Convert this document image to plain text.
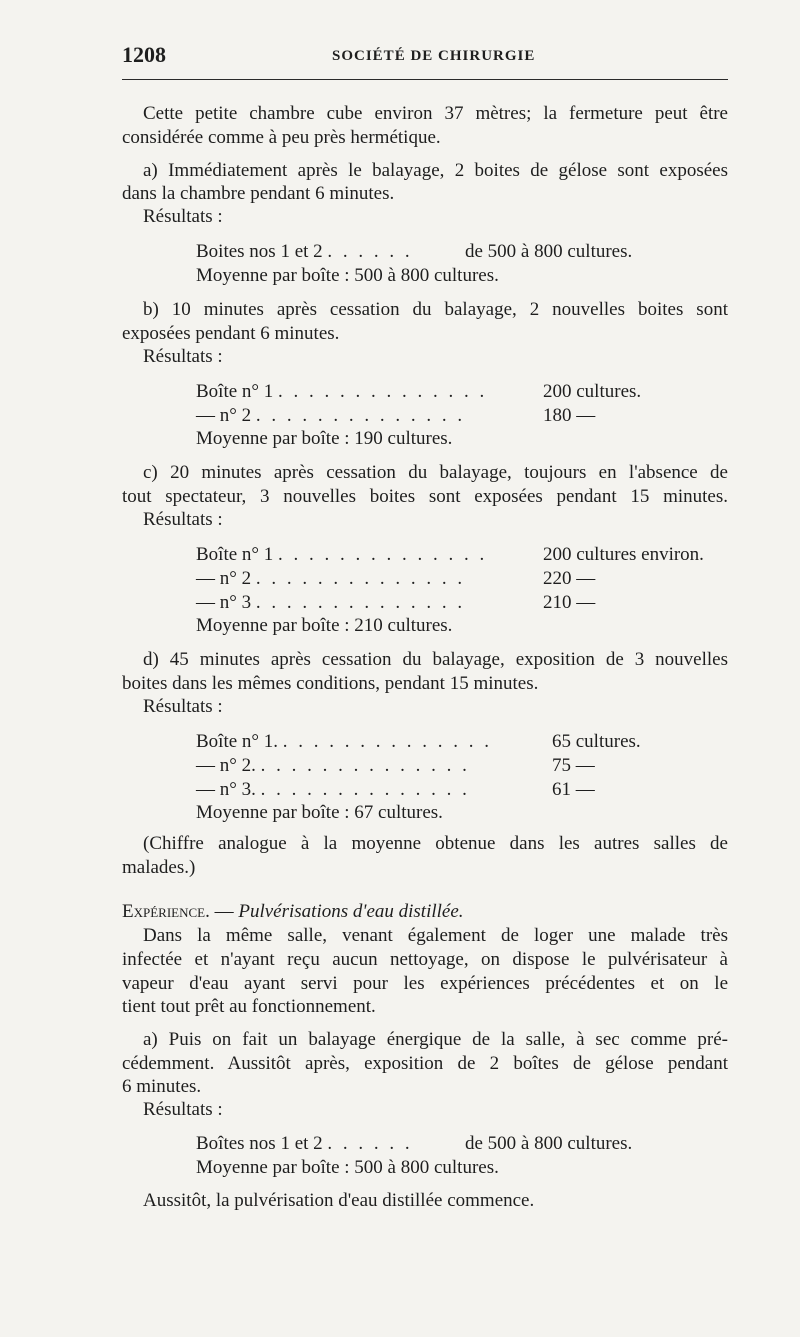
1208	SOCIÉTÉ DE CHIRURGIE
Cette petite chambre cube environ 37 mètres; la fermeture peut être
considérée comme à peu près hermétique.
a) Immédiatement après le balayage, 2 boites de gélose sont exposées
dans la chambre pendant 6 minutes.
Résultats :
Boites nos 1 et 2 . . . . . .	de 500 à 800 cultures.
Moyenne par boîte : 500 à 800 cultures.
b) 10 minutes après cessation du balayage, 2 nouvelles boites sont
exposées pendant 6 minutes.
Résultats :
Boîte n° 1 . . . . . . . . . . . . . .	200 cultures.
— n° 2 . . . . . . . . . . . . . .	180 —
Moyenne par boîte : 190 cultures.
c) 20 minutes après cessation du balayage, toujours en l'absence de
tout spectateur, 3 nouvelles boites sont exposées pendant 15 minutes.
Résultats :
Boîte n° 1 . . . . . . . . . . . . . .	200 cultures environ.
— n° 2 . . . . . . . . . . . . . .	220 —
— n° 3 . . . . . . . . . . . . . .	210 —
Moyenne par boîte : 210 cultures.
d) 45 minutes après cessation du balayage, exposition de 3 nouvelles
boites dans les mêmes conditions, pendant 15 minutes.
Résultats :
Boîte n° 1. . . . . . . . . . . . . . .	65 cultures.
— n° 2. . . . . . . . . . . . . . .	75 —
— n° 3. . . . . . . . . . . . . . .	61 —
Moyenne par boîte : 67 cultures.
(Chiffre analogue à la moyenne obtenue dans les autres salles de
malades.)
Expérience. — Pulvérisations d'eau distillée.
Dans la même salle, venant également de loger une malade très
infectée et n'ayant reçu aucun nettoyage, on dispose le pulvérisateur à
vapeur d'eau ayant servi pour les expériences précédentes et on le
tient tout prêt au fonctionnement.
a) Puis on fait un balayage énergique de la salle, à sec comme pré-
cédemment. Aussitôt après, exposition de 2 boîtes de gélose pendant
6 minutes.
Résultats :
Boîtes nos 1 et 2 . . . . . .	de 500 à 800 cultures.
Moyenne par boîte : 500 à 800 cultures.
Aussitôt, la pulvérisation d'eau distillée commence.
